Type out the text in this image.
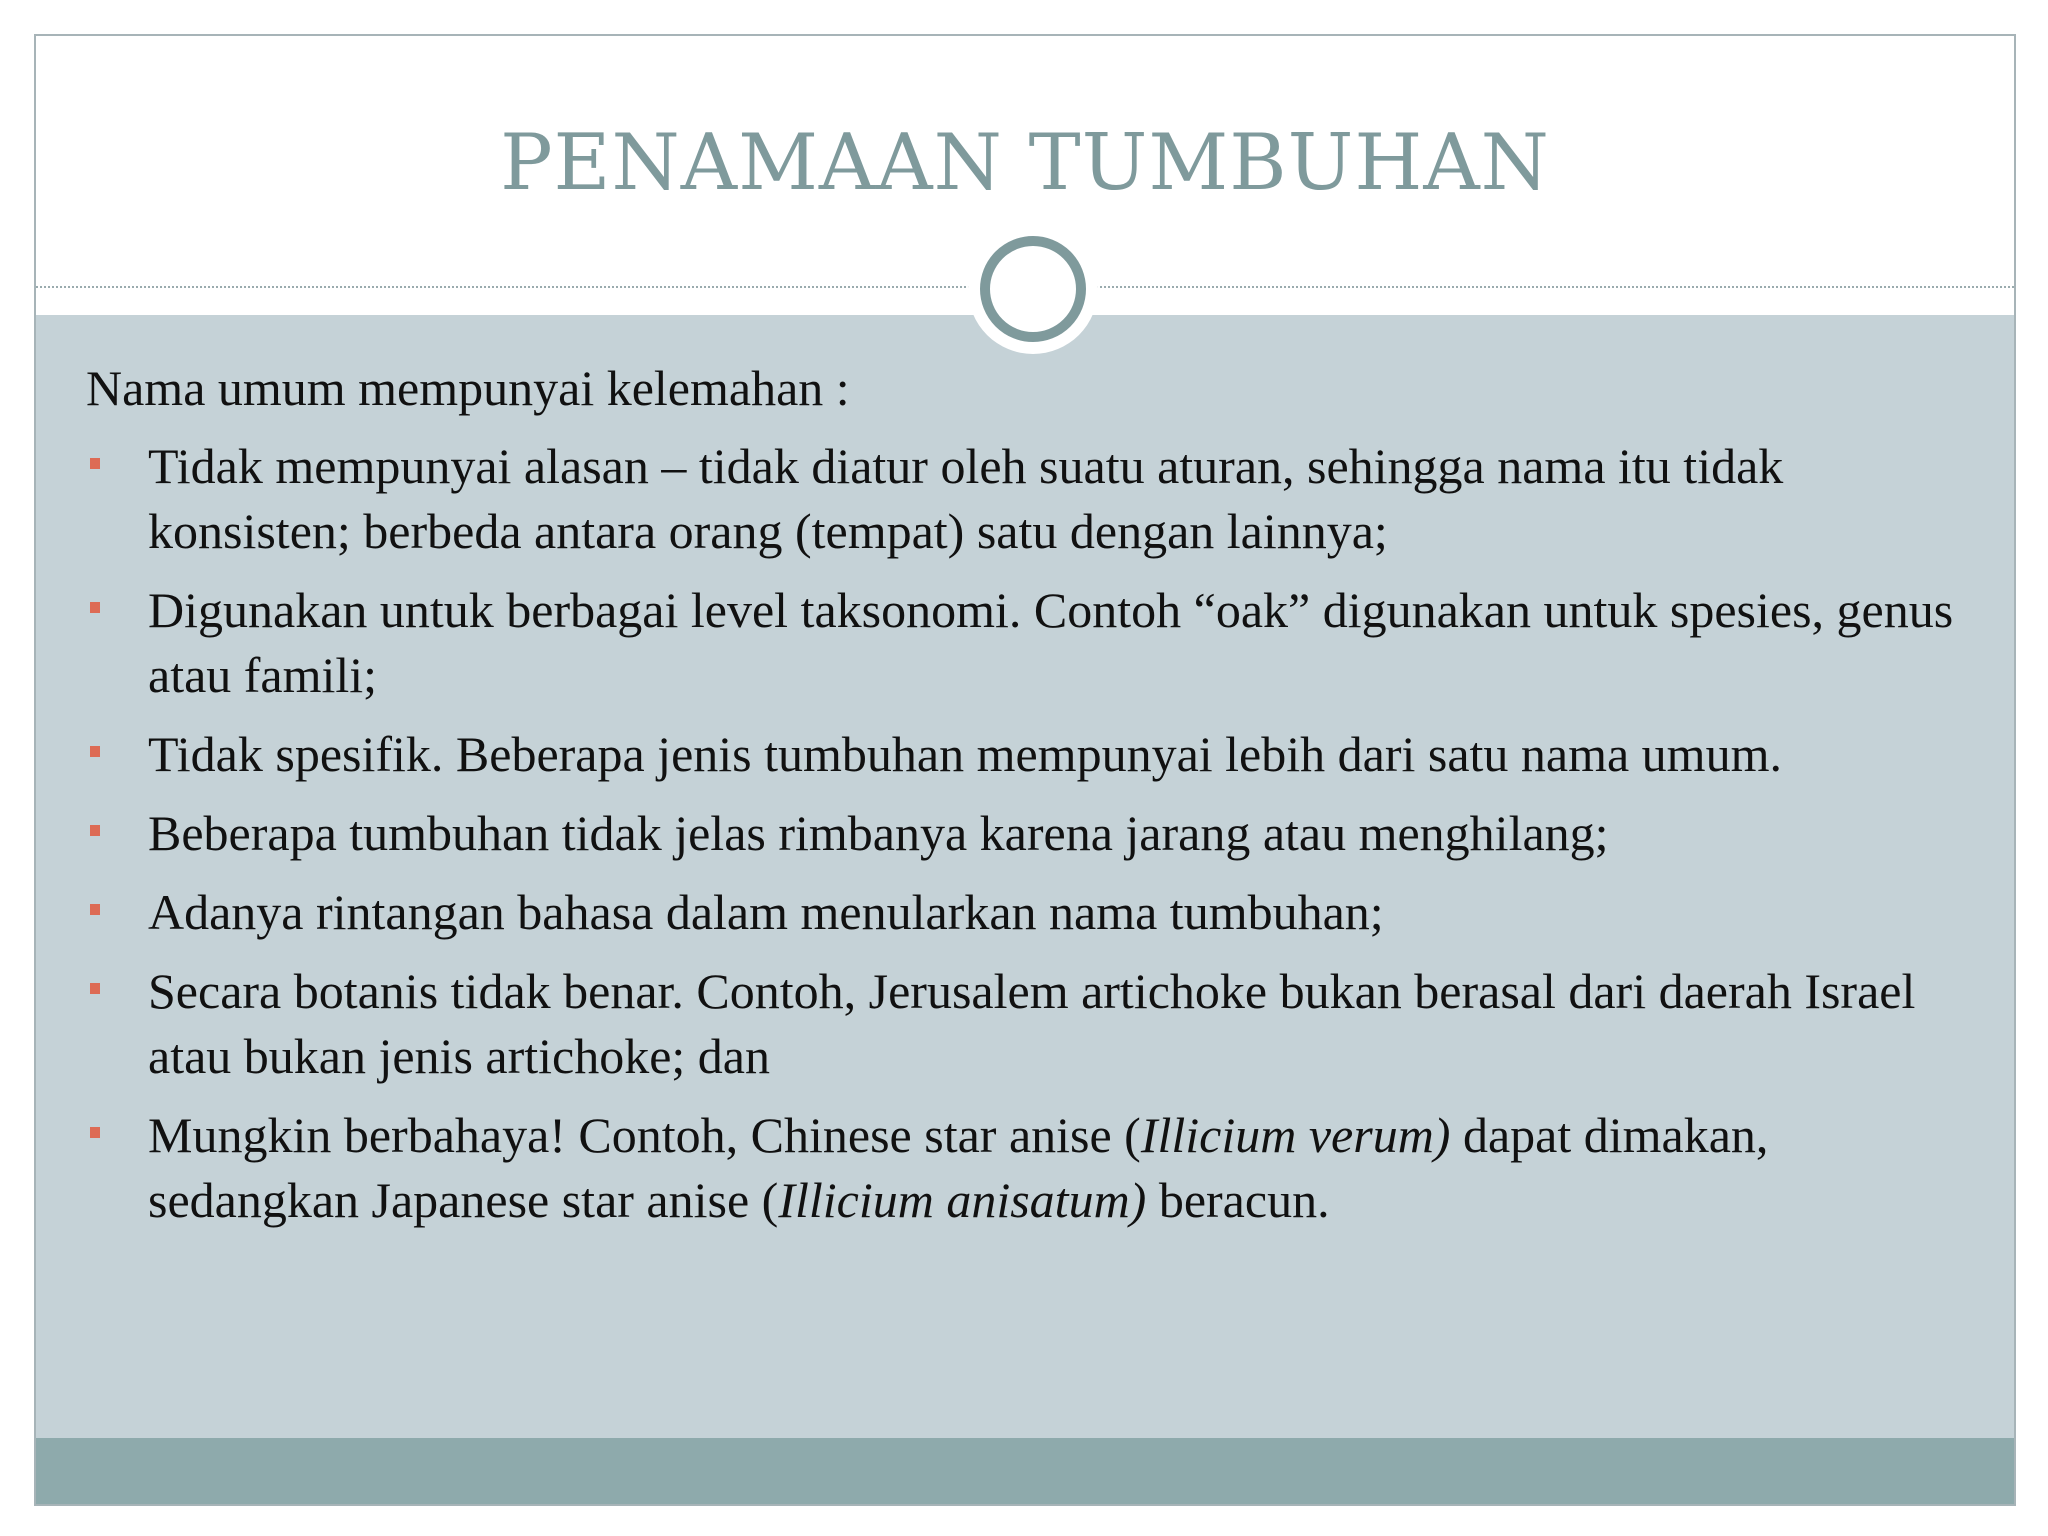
PENAMAAN TUMBUHAN

Nama umum mempunyai kelemahan :

Tidak mempunyai alasan – tidak diatur oleh suatu aturan, sehingga nama itu tidak konsisten; berbeda antara orang (tempat) satu dengan lainnya;
Digunakan untuk berbagai level taksonomi. Contoh “oak” digunakan untuk spesies, genus atau famili;
Tidak spesifik. Beberapa jenis tumbuhan mempunyai lebih dari satu nama umum.
Beberapa tumbuhan tidak jelas rimbanya karena jarang atau menghilang;
Adanya rintangan bahasa dalam menularkan nama tumbuhan;
Secara botanis tidak benar. Contoh, Jerusalem artichoke bukan berasal dari daerah Israel atau bukan jenis artichoke; dan
Mungkin berbahaya! Contoh, Chinese star anise (Illicium verum) dapat dimakan, sedangkan Japanese star anise (Illicium anisatum) beracun.
